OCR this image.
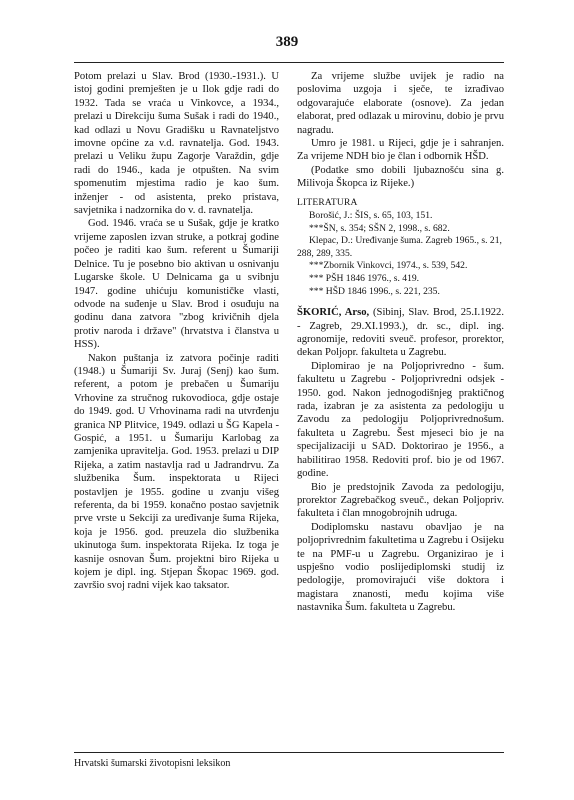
389

Potom prelazi u Slav. Brod (1930.-1931.). U istoj godini premješten je u Ilok gdje radi do 1932. Tada se vraća u Vinkovce, a 1934., prelazi u Direkciju šuma Sušak i radi do 1940., kad odlazi u Novu Gradišku u Ravnateljstvo imovne općine za v.d. ravnatelja. God. 1943. prelazi u Veliku župu Zagorje Varaždin, gdje radi do 1946., kada je otpušten. Na svim spomenutim mjestima radio je kao šum. inženjer - od asistenta, preko pristava, savjetnika i nadzornika do v. d. ravnatelja.

God. 1946. vraća se u Sušak, gdje je kratko vrijeme zaposlen izvan struke, a potkraj godine počeo je raditi kao šum. referent u Šumariji Delnice. Tu je posebno bio aktivan u osnivanju Lugarske škole. U Delnicama ga u svibnju 1947. godine uhićuju komunističke vlasti, odvode na suđenje u Slav. Brod i osuđuju na godinu dana zatvora "zbog krivičnih djela protiv naroda i države" (hrvatstva i članstva u HSS).

Nakon puštanja iz zatvora počinje raditi (1948.) u Šumariji Sv. Juraj (Senj) kao šum. referent, a potom je prebačen u Šumariju Vrhovine za stručnog rukovodioca, gdje ostaje do 1949. god. U Vrhovinama radi na utvrđenju granica NP Plitvice, 1949. odlazi u ŠG Kapela - Gospić, a 1951. u Šumariju Karlobag za zamjenika upravitelja. God. 1953. prelazi u DIP Rijeka, a zatim nastavlja rad u Jadrandrvu. Za službenika Šum. inspektorata u Rijeci postavljen je 1955. godine u zvanju višeg referenta, da bi 1959. konačno postao savjetnik prve vrste u Sekciji za uređivanje šuma Rijeka, koja je 1956. god. preuzela dio službenika ukinutoga šum. inspektorata Rijeka. Iz toga je kasnije osnovan Šum. projektni biro Rijeka u kojem je dipl. ing. Stjepan Škopac 1969. god. završio svoj radni vijek kao taksator.

Za vrijeme službe uvijek je radio na poslovima uzgoja i sječe, te izrađivao odgovarajuće elaborate (osnove). Za jedan elaborat, pred odlazak u mirovinu, dobio je prvu nagradu.

Umro je 1981. u Rijeci, gdje je i sahranjen. Za vrijeme NDH bio je član i odbornik HŠD.

(Podatke smo dobili ljubaznošću sina g. Milivoja Škopca iz Rijeke.)

LITERATURA
Borošić, J.: ŠIS, s. 65, 103, 151.
***ŠN, s. 354; SŠN 2, 1998., s. 682.
Klepac, D.: Uređivanje šuma. Zagreb 1965., s. 21, 288, 289, 335.
***Zbornik Vinkovci, 1974., s. 539, 542.
*** PŠH 1846 1976., s. 419.
*** HŠD 1846 1996., s. 221, 235.

ŠKORIĆ, Arso, (Sibinj, Slav. Brod, 25.I.1922. - Zagreb, 29.XI.1993.), dr. sc., dipl. ing. agronomije, redoviti sveuč. profesor, prorektor, dekan Poljopr. fakulteta u Zagrebu.

Diplomirao je na Poljoprivredno - šum. fakultetu u Zagrebu - Poljoprivredni odsjek - 1950. god. Nakon jednogodišnjeg praktičnog rada, izabran je za asistenta za pedologiju u Zavodu za pedologiju Poljoprivrednošum. fakulteta u Zagrebu. Šest mjeseci bio je na specijalizaciji u SAD. Doktorirao je 1956., a habilitirao 1958. Redoviti prof. bio je od 1967. godine.

Bio je predstojnik Zavoda za pedologiju, prorektor Zagrebačkog sveuč., dekan Poljopriv. fakulteta i član mnogobrojnih udruga.

Dodiplomsku nastavu obavljao je na poljoprivrednim fakultetima u Zagrebu i Osijeku te na PMF-u u Zagrebu. Organizirao je i uspješno vodio poslijediplomski studij iz pedologije, promovirajući više doktora i magistara znanosti, među kojima više nastavnika Šum. fakulteta u Zagrebu.

Hrvatski šumarski životopisni leksikon
